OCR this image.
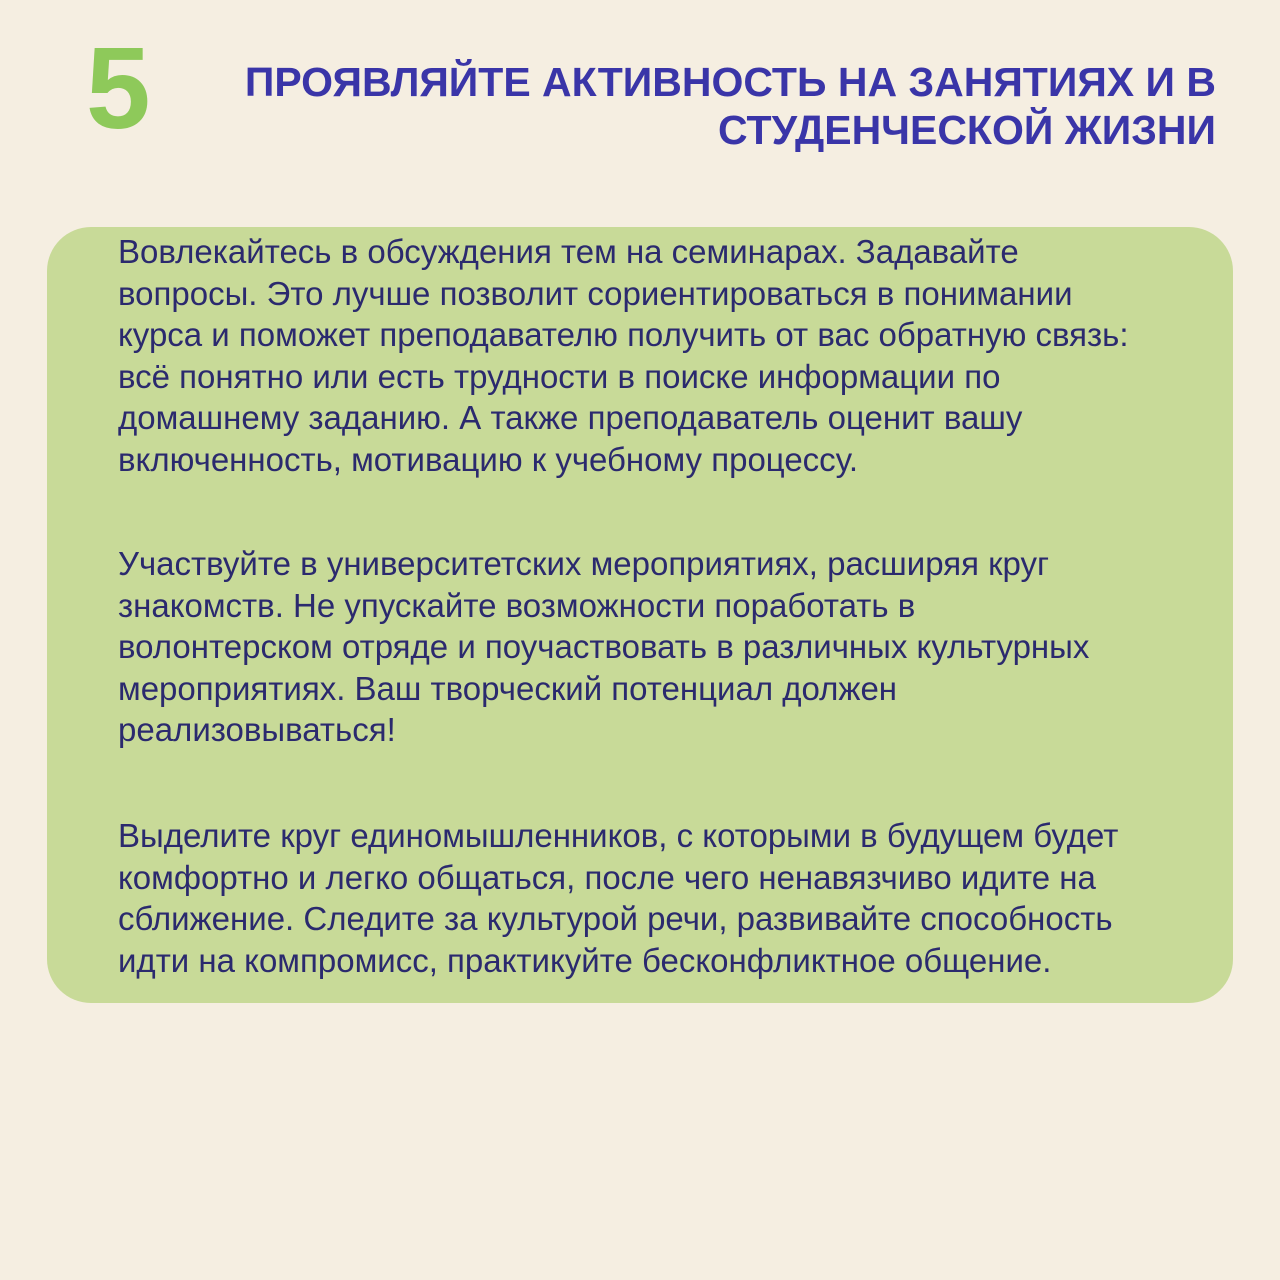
5 ПРОЯВЛЯЙТЕ АКТИВНОСТЬ НА ЗАНЯТИЯХ И В
СТУДЕНЧЕСКОЙ ЖИЗНИ

Вовлекайтесь в обсуждения тем на семинарах. Задавайте
вопросы. Это лучше позволит сориентироваться в понимании
курса и поможет преподавателю получить от вас обратную связь:
всё понятно или есть трудности в поиске информации по
домашнему заданию. А также преподаватель оценит вашу
включенность, мотивацию к учебному процессу.

Участвуйте в университетских мероприятиях, расширяя круг
знакомств. Не упускайте возможности поработать в
волонтерском отряде и поучаствовать в различных культурных
мероприятиях. Ваш творческий потенциал должен
реализовываться!

Выделите круг единомышленников, с которыми в будущем будет
комфортно и легко общаться, после чего ненавязчиво идите на
сближение. Следите за культурой речи, развивайте способность
идти на компромисс, практикуйте бесконфликтное общение.
